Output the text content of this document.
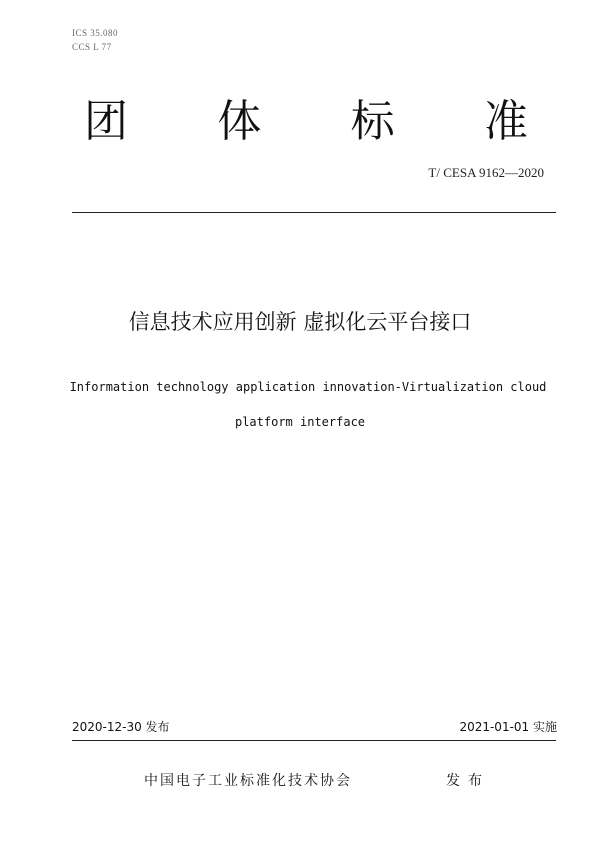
ICS 35.080
CCS L 77
团 体 标 准
T/ CESA 9162—2020
信息技术应用创新 虚拟化云平台接口
Information technology application innovation-Virtualization cloud
platform interface
2020-12-30 发布	2021-01-01 实施
中国电子工业标准化技术协会	发布
